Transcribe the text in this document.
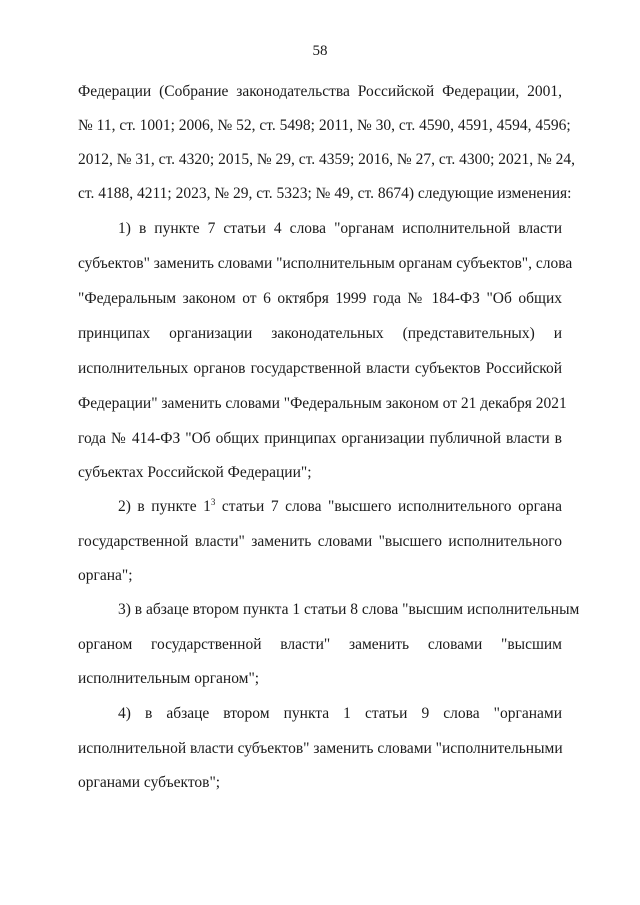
58
Федерации (Собрание законодательства Российской Федерации, 2001,
№ 11, ст. 1001; 2006, № 52, ст. 5498; 2011, № 30, ст. 4590, 4591, 4594, 4596;
2012, № 31, ст. 4320; 2015, № 29, ст. 4359; 2016, № 27, ст. 4300; 2021, № 24,
ст. 4188, 4211; 2023, № 29, ст. 5323; № 49, ст. 8674) следующие изменения:
1) в пункте 7 статьи 4 слова "органам исполнительной власти
субъектов" заменить словами "исполнительным органам субъектов", слова
"Федеральным законом от 6 октября 1999 года № 184-ФЗ "Об общих
принципах организации законодательных (представительных) и
исполнительных органов государственной власти субъектов Российской
Федерации" заменить словами "Федеральным законом от 21 декабря 2021
года № 414-ФЗ "Об общих принципах организации публичной власти в
субъектах Российской Федерации";
2) в пункте $1^3$ статьи 7 слова "высшего исполнительного органа
государственной власти" заменить словами "высшего исполнительного
органа";
3) в абзаце втором пункта 1 статьи 8 слова "высшим исполнительным
органом государственной власти" заменить словами "высшим
исполнительным органом";
4) в абзаце втором пункта 1 статьи 9 слова "органами
исполнительной власти субъектов" заменить словами "исполнительными
органами субъектов";
